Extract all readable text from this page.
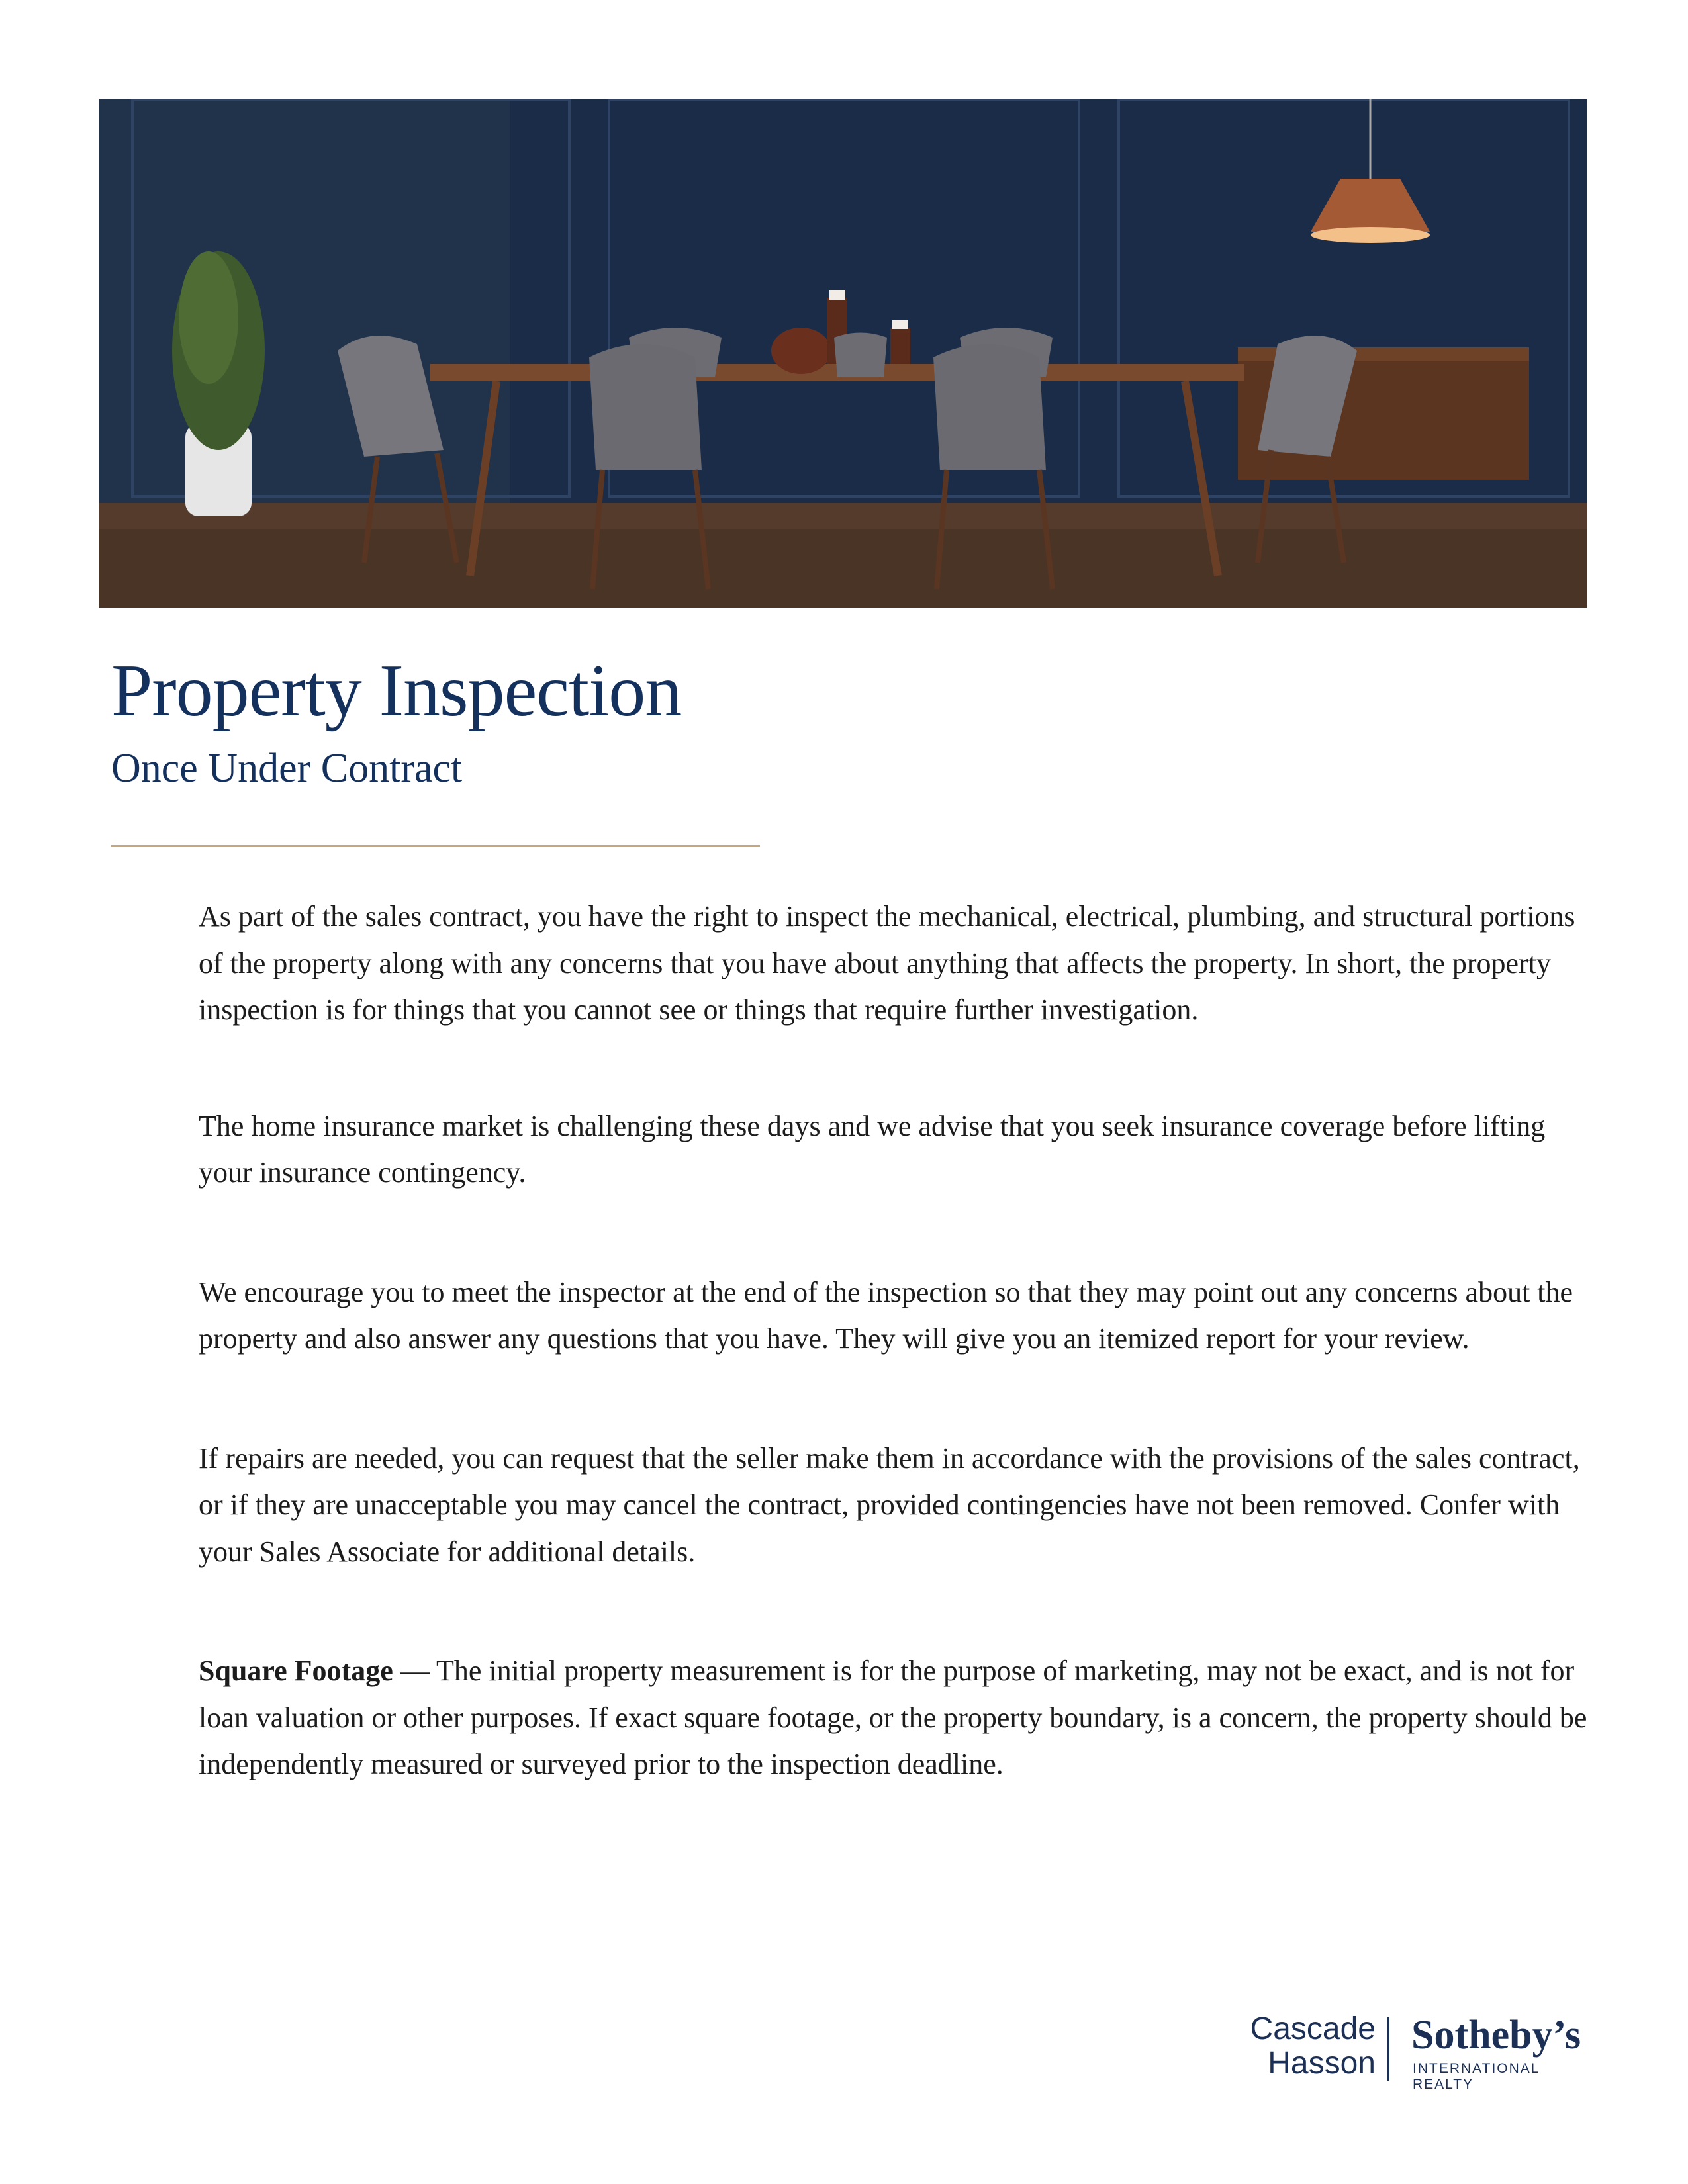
Property Inspection
Once Under Contract

As part of the sales contract, you have the right to inspect the mechanical, electrical, plumbing, and structural portions of the property along with any concerns that you have about anything that affects the property. In short, the property inspection is for things that you cannot see or things that require further investigation.

The home insurance market is challenging these days and we advise that you seek insurance coverage before lifting your insurance contingency.

We encourage you to meet the inspector at the end of the inspection so that they may point out any concerns about the property and also answer any questions that you have. They will give you an itemized report for your review.

If repairs are needed, you can request that the seller make them in accordance with the provisions of the sales contract, or if they are unacceptable you may cancel the contract, provided contingencies have not been removed. Confer with your Sales Associate for additional details.

Square Footage — The initial property measurement is for the purpose of marketing, may not be exact, and is not for loan valuation or other purposes. If exact square footage, or the property boundary, is a concern, the property should be independently measured or surveyed prior to the inspection deadline.

Cascade
Hasson
Sotheby’s
INTERNATIONAL REALTY
